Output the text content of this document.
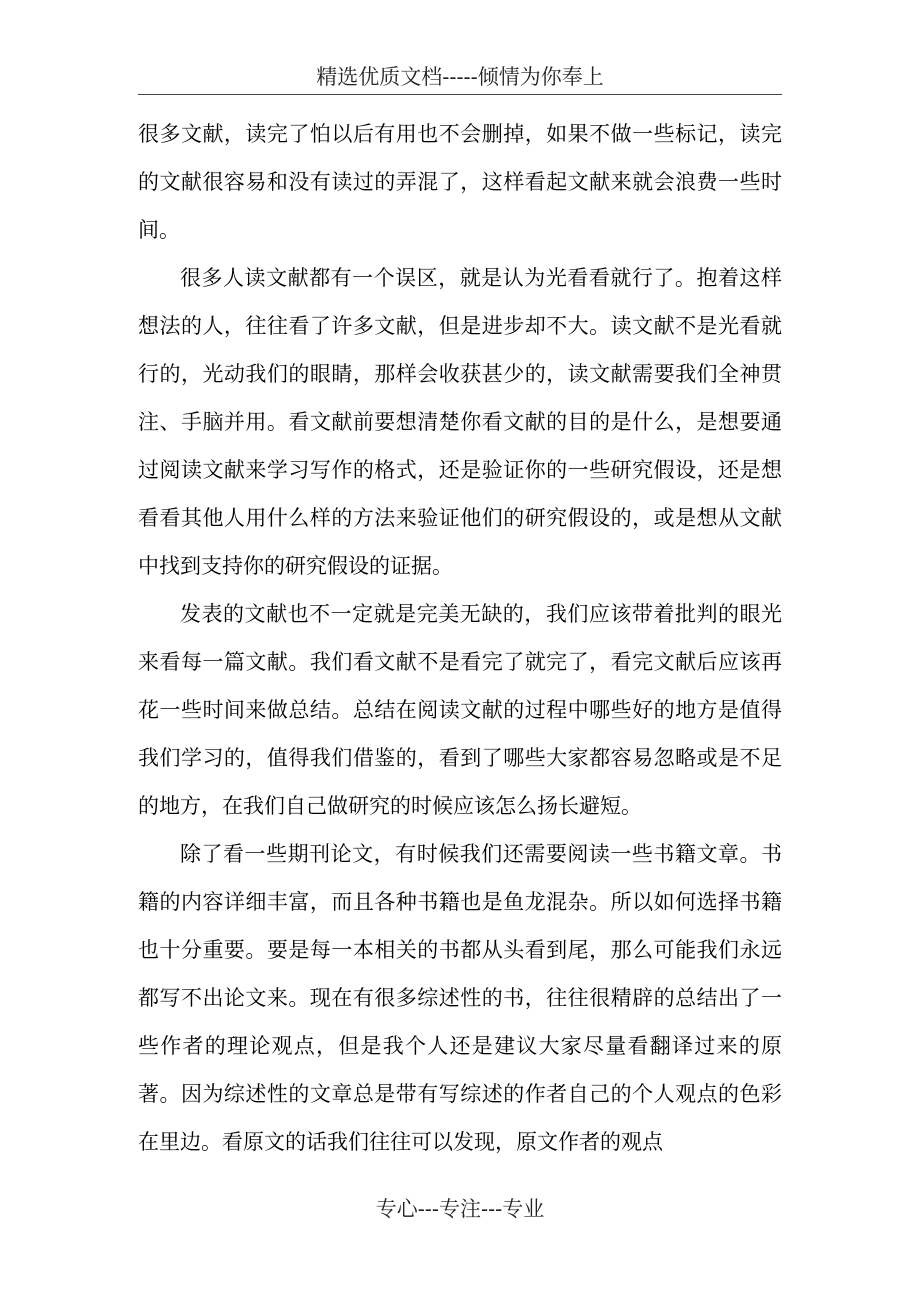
精选优质文档-----倾情为你奉上

很多文献，读完了怕以后有用也不会删掉，如果不做一些标记，读完的文献很容易和没有读过的弄混了，这样看起文献来就会浪费一些时间。

很多人读文献都有一个误区，就是认为光看看就行了。抱着这样想法的人，往往看了许多文献，但是进步却不大。读文献不是光看就行的，光动我们的眼睛，那样会收获甚少的，读文献需要我们全神贯注、手脑并用。看文献前要想清楚你看文献的目的是什么，是想要通过阅读文献来学习写作的格式，还是验证你的一些研究假设，还是想看看其他人用什么样的方法来验证他们的研究假设的，或是想从文献中找到支持你的研究假设的证据。

发表的文献也不一定就是完美无缺的，我们应该带着批判的眼光来看每一篇文献。我们看文献不是看完了就完了，看完文献后应该再花一些时间来做总结。总结在阅读文献的过程中哪些好的地方是值得我们学习的，值得我们借鉴的，看到了哪些大家都容易忽略或是不足的地方，在我们自己做研究的时候应该怎么扬长避短。

除了看一些期刊论文，有时候我们还需要阅读一些书籍文章。书籍的内容详细丰富，而且各种书籍也是鱼龙混杂。所以如何选择书籍也十分重要。要是每一本相关的书都从头看到尾，那么可能我们永远都写不出论文来。现在有很多综述性的书，往往很精辟的总结出了一些作者的理论观点，但是我个人还是建议大家尽量看翻译过来的原著。因为综述性的文章总是带有写综述的作者自己的个人观点的色彩在里边。看原文的话我们往往可以发现，原文作者的观点

专心---专注---专业
